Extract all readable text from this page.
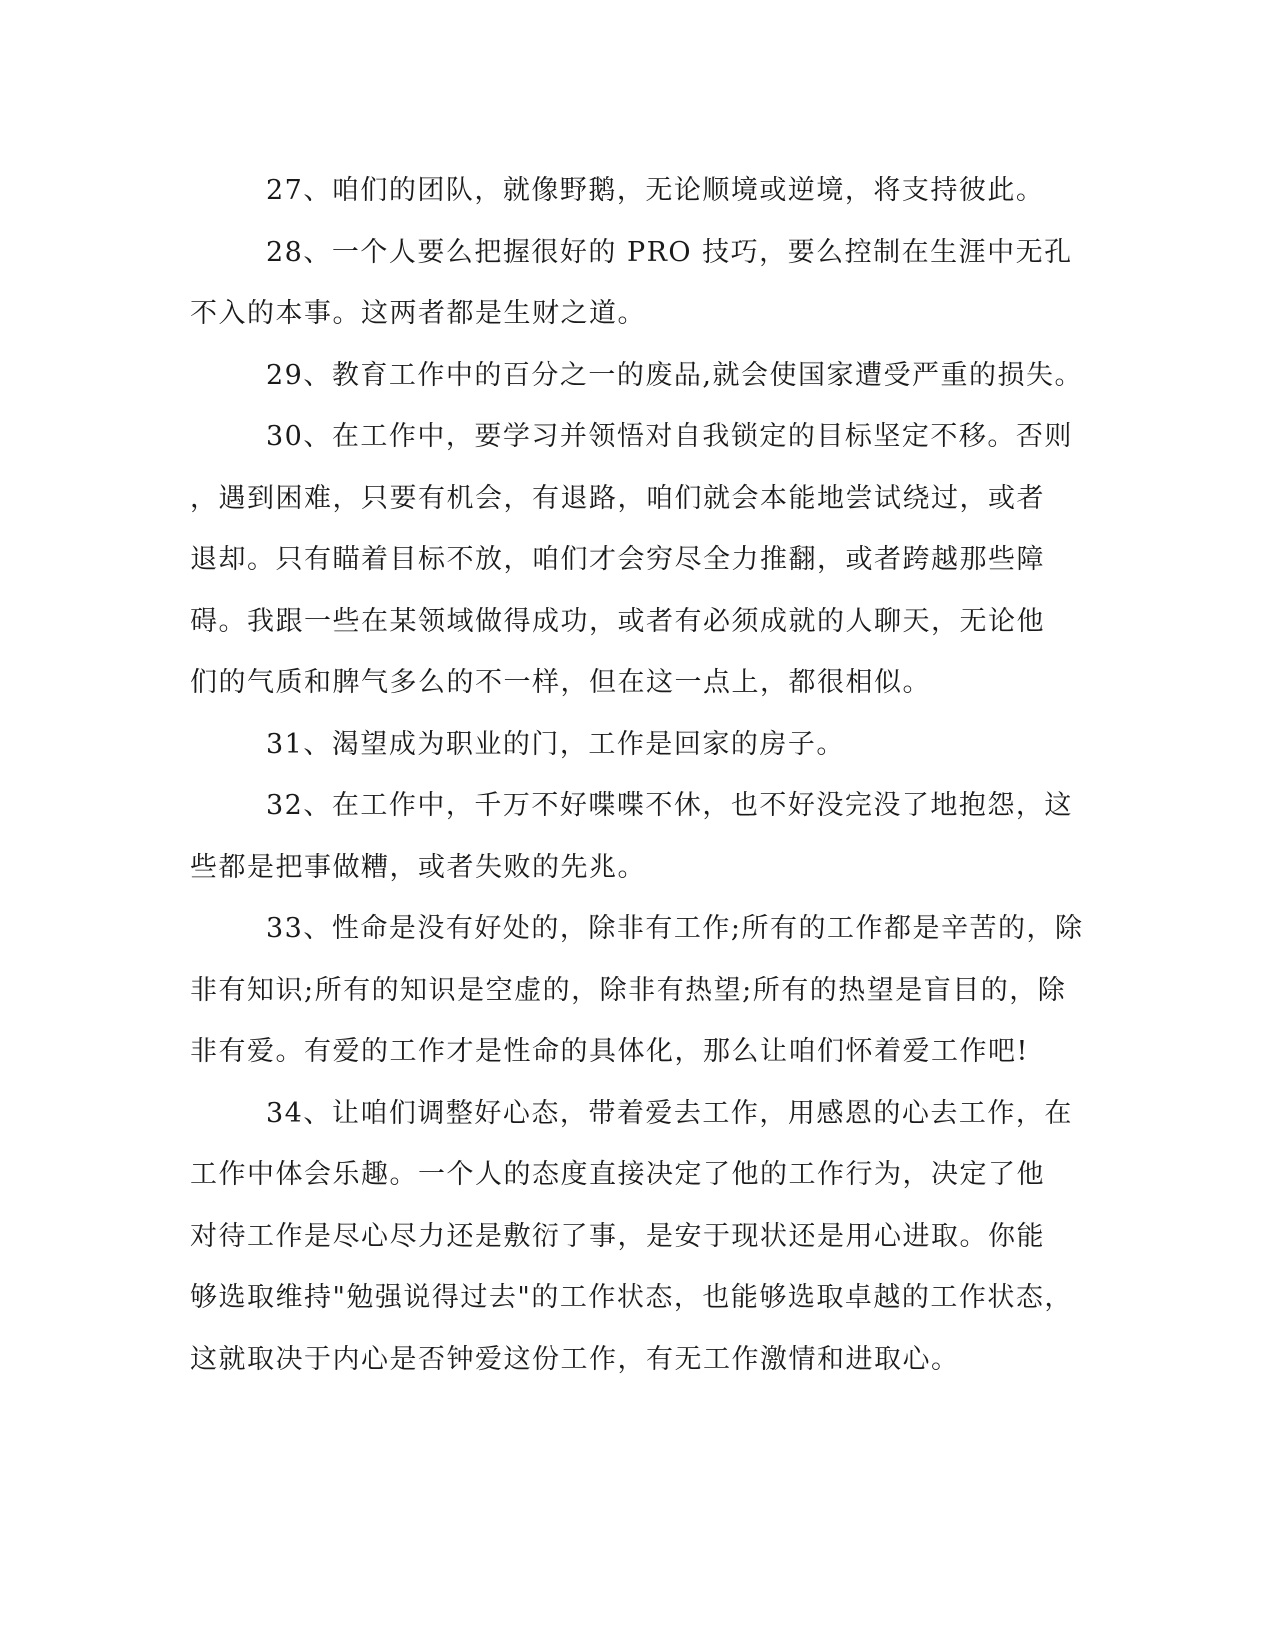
27、咱们的团队，就像野鹅，无论顺境或逆境，将支持彼此。

28、一个人要么把握很好的 PRO 技巧，要么控制在生涯中无孔
不入的本事。这两者都是生财之道。

29、教育工作中的百分之一的废品,就会使国家遭受严重的损失。

30、在工作中，要学习并领悟对自我锁定的目标坚定不移。否则
，遇到困难，只要有机会，有退路，咱们就会本能地尝试绕过，或者
退却。只有瞄着目标不放，咱们才会穷尽全力推翻，或者跨越那些障
碍。我跟一些在某领域做得成功，或者有必须成就的人聊天，无论他
们的气质和脾气多么的不一样，但在这一点上，都很相似。

31、渴望成为职业的门，工作是回家的房子。

32、在工作中，千万不好喋喋不休，也不好没完没了地抱怨，这
些都是把事做糟，或者失败的先兆。

33、性命是没有好处的，除非有工作;所有的工作都是辛苦的，除
非有知识;所有的知识是空虚的，除非有热望;所有的热望是盲目的，除
非有爱。有爱的工作才是性命的具体化，那么让咱们怀着爱工作吧!

34、让咱们调整好心态，带着爱去工作，用感恩的心去工作，在
工作中体会乐趣。一个人的态度直接决定了他的工作行为，决定了他
对待工作是尽心尽力还是敷衍了事，是安于现状还是用心进取。你能
够选取维持"勉强说得过去"的工作状态，也能够选取卓越的工作状态，
这就取决于内心是否钟爱这份工作，有无工作激情和进取心。
